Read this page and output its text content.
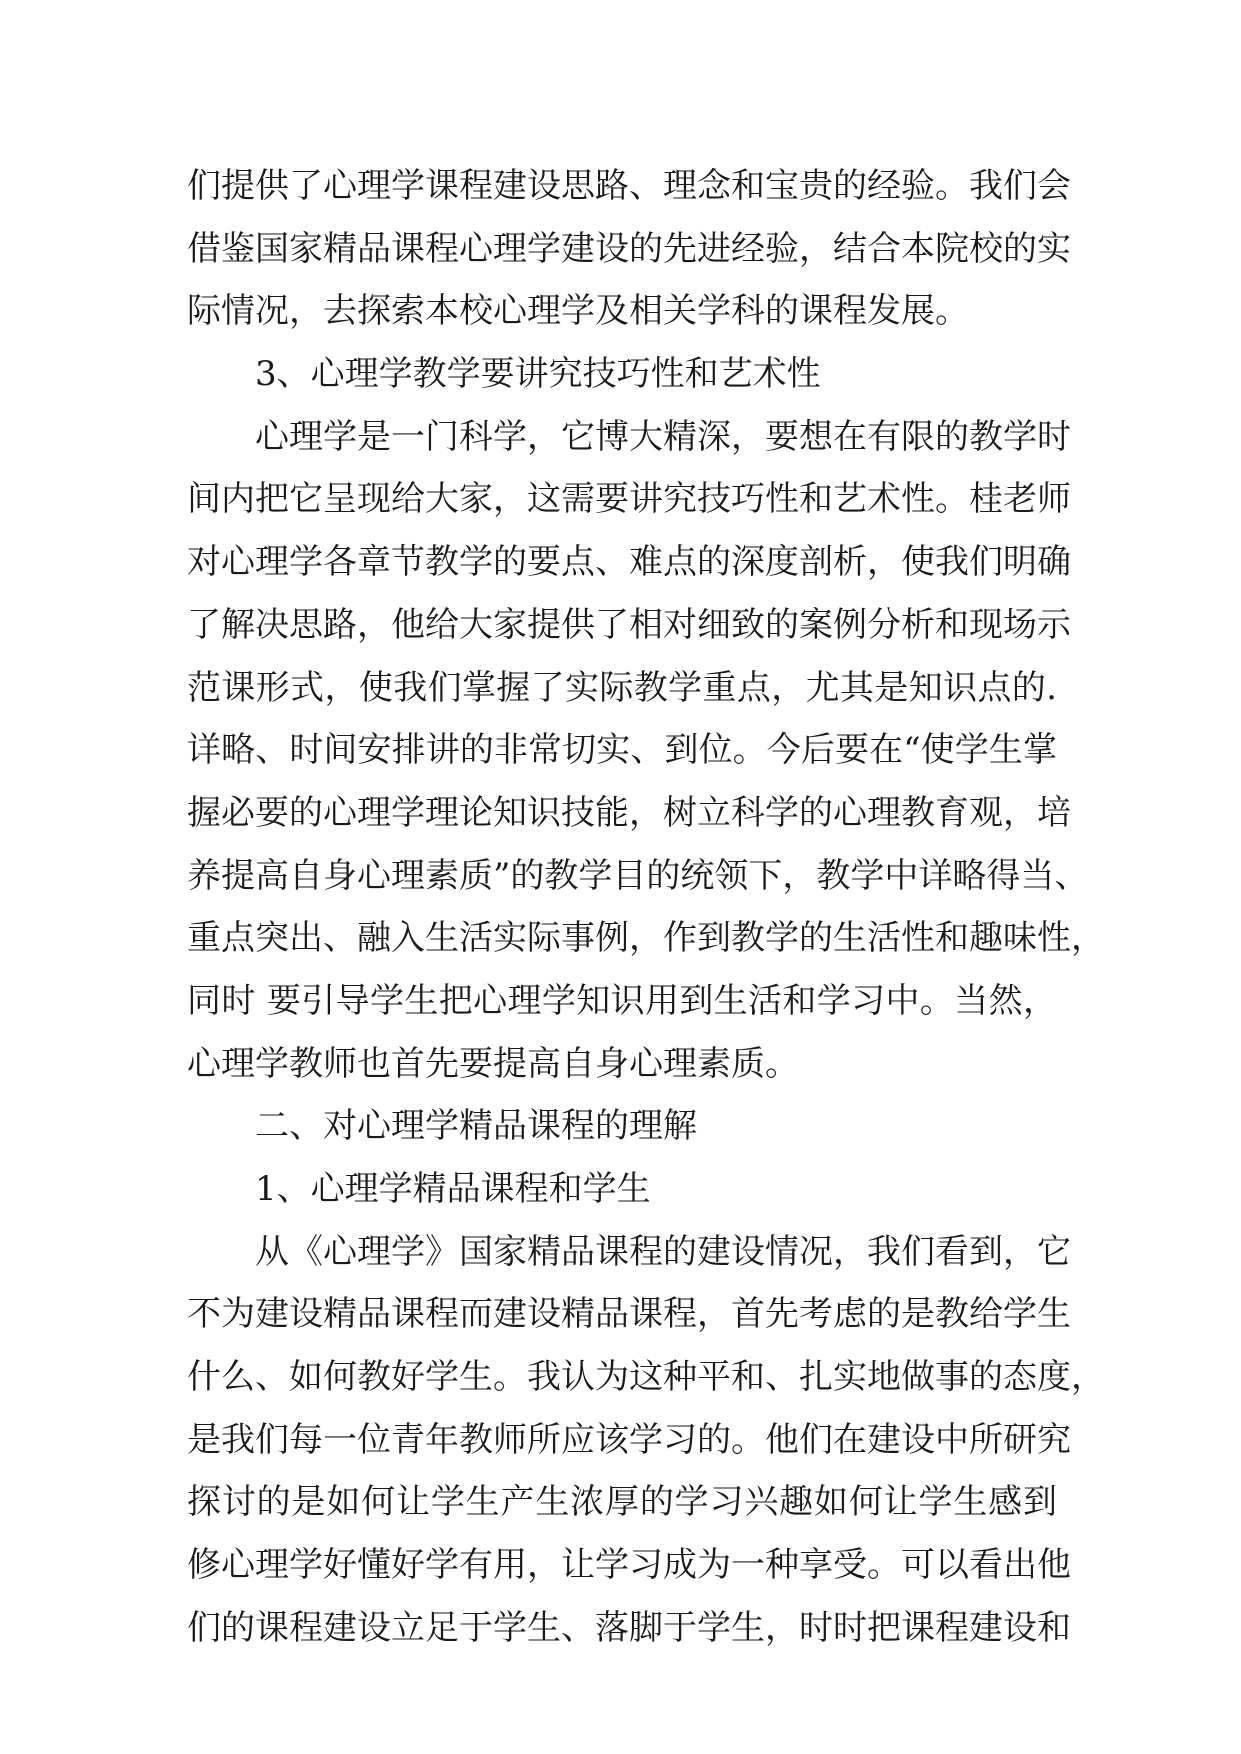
们提供了心理学课程建设思路、理念和宝贵的经验。我们会
借鉴国家精品课程心理学建设的先进经验，结合本院校的实
际情况，去探索本校心理学及相关学科的课程发展。
3、心理学教学要讲究技巧性和艺术性
心理学是一门科学，它博大精深，要想在有限的教学时
间内把它呈现给大家，这需要讲究技巧性和艺术性。桂老师
对心理学各章节教学的要点、难点的深度剖析，使我们明确
了解决思路，他给大家提供了相对细致的案例分析和现场示
范课形式，使我们掌握了实际教学重点，尤其是知识点的.
详略、时间安排讲的非常切实、到位。今后要在“使学生掌
握必要的心理学理论知识技能，树立科学的心理教育观，培
养提高自身心理素质”的教学目的统领下，教学中详略得当、
重点突出、融入生活实际事例，作到教学的生活性和趣味性，
同时 要引导学生把心理学知识用到生活和学习中。当然，
心理学教师也首先要提高自身心理素质。
二、对心理学精品课程的理解
1、心理学精品课程和学生
从《心理学》国家精品课程的建设情况，我们看到，它
不为建设精品课程而建设精品课程，首先考虑的是教给学生
什么、如何教好学生。我认为这种平和、扎实地做事的态度，
是我们每一位青年教师所应该学习的。他们在建设中所研究
探讨的是如何让学生产生浓厚的学习兴趣如何让学生感到
修心理学好懂好学有用，让学习成为一种享受。可以看出他
们的课程建设立足于学生、落脚于学生，时时把课程建设和
